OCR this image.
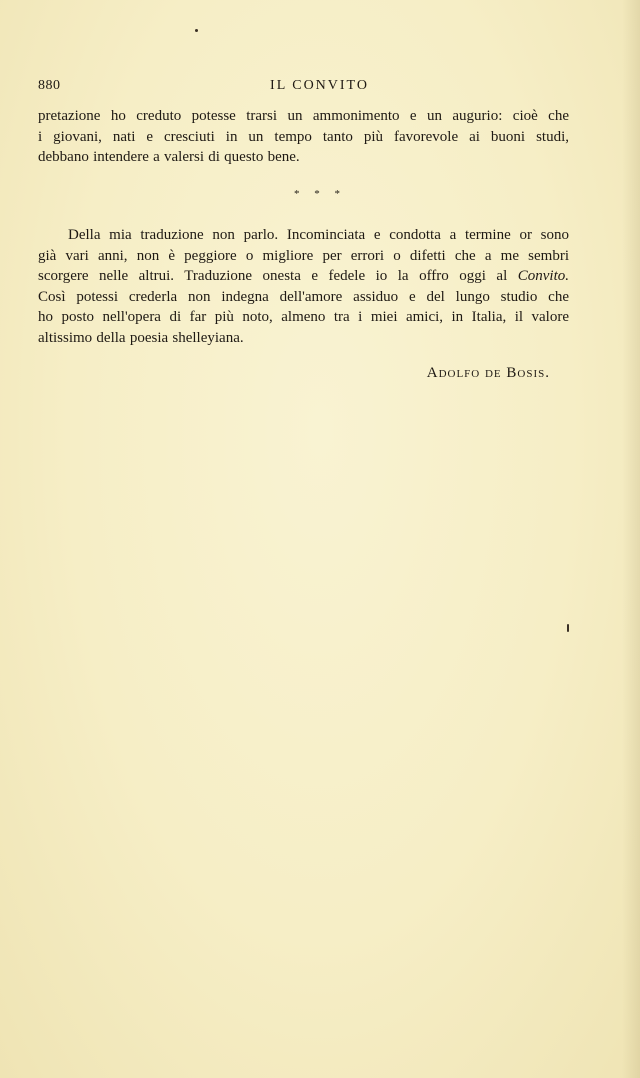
880	IL CONVITO
pretazione ho creduto potesse trarsi un ammonimento e un augurio: cioè che
i giovani, nati e cresciuti in un tempo tanto più favorevole ai buoni studi,
debbano intendere a valersi di questo bene.
* * *
Della mia traduzione non parlo. Incominciata e condotta a termine or sono
già vari anni, non è peggiore o migliore per errori o difetti che a me sembri
scorgere nelle altrui. Traduzione onesta e fedele io la offro oggi al Convito.
Così potessi crederla non indegna dell'amore assiduo e del lungo studio che
ho posto nell'opera di far più noto, almeno tra i miei amici, in Italia, il valore
altissimo della poesia shelleyiana.
Adolfo de Bosis.
